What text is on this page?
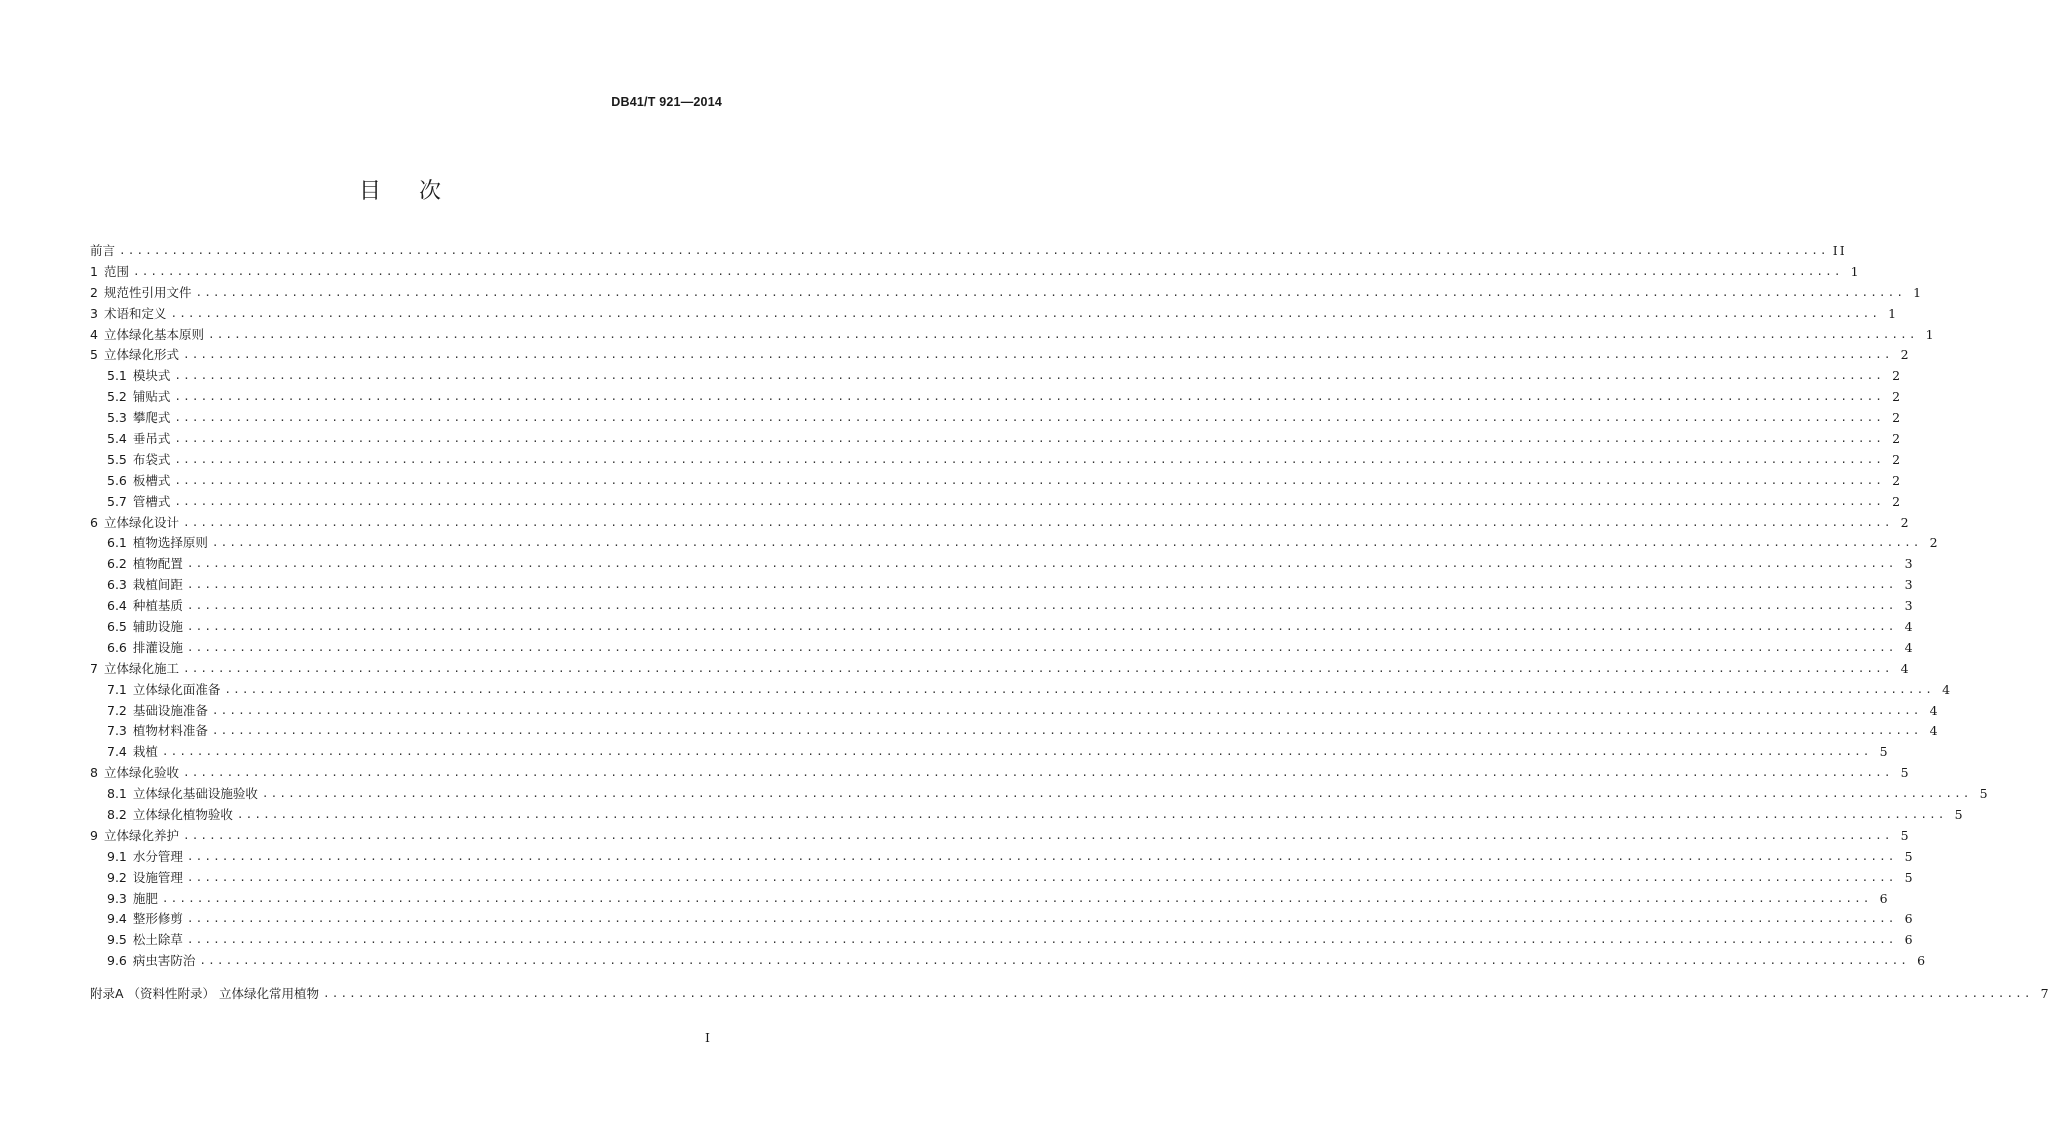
DB41/T 921—2014
目 次
前言 .....	II
1 范围 .....	1
2 规范性引用文件 .....	1
3 术语和定义 .....	1
4 立体绿化基本原则 .....	1
5 立体绿化形式 .....	2
5.1 模块式 .....	2
5.2 铺贴式 .....	2
5.3 攀爬式 .....	2
5.4 垂吊式 .....	2
5.5 布袋式 .....	2
5.6 板槽式 .....	2
5.7 管槽式 .....	2
6 立体绿化设计 .....	2
6.1 植物选择原则 .....	2
6.2 植物配置 .....	3
6.3 栽植间距 .....	3
6.4 种植基质 .....	3
6.5 辅助设施 .....	4
6.6 排灌设施 .....	4
7 立体绿化施工 .....	4
7.1 立体绿化面准备 .....	4
7.2 基础设施准备 .....	4
7.3 植物材料准备 .....	4
7.4 栽植 .....	5
8 立体绿化验收 .....	5
8.1 立体绿化基础设施验收 .....	5
8.2 立体绿化植物验收 .....	5
9 立体绿化养护 .....	5
9.1 水分管理 .....	5
9.2 设施管理 .....	5
9.3 施肥 .....	6
9.4 整形修剪 .....	6
9.5 松土除草 .....	6
9.6 病虫害防治 .....	6
附录A （资料性附录） 立体绿化常用植物 .....	7
I
